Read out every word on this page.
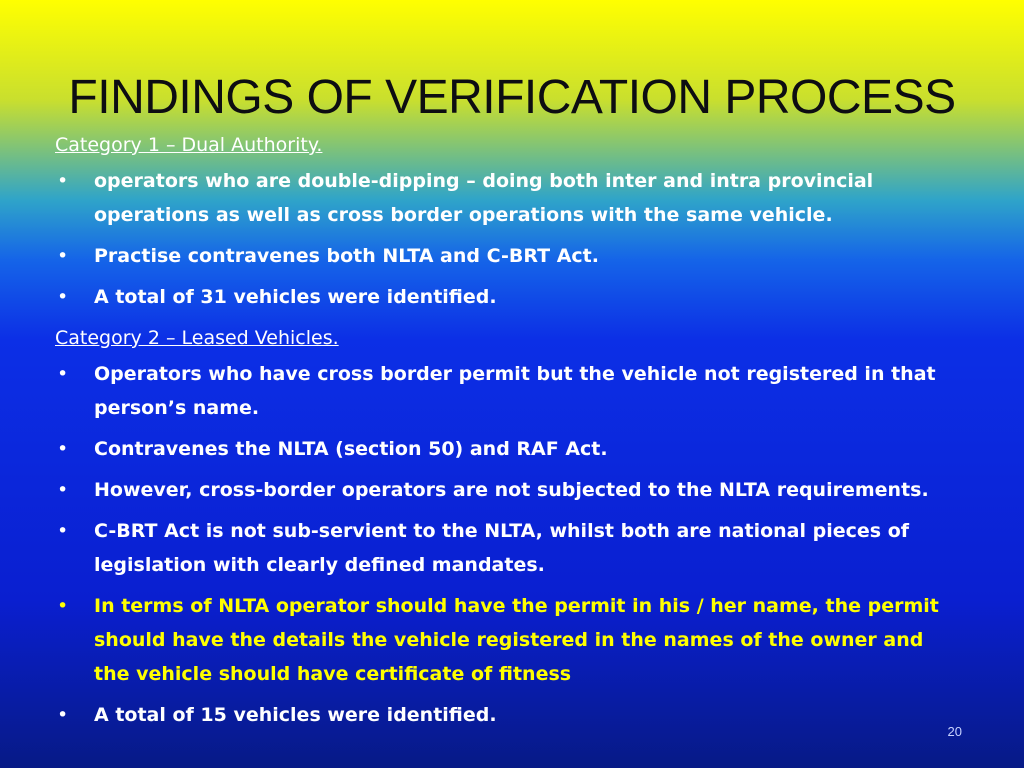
FINDINGS OF VERIFICATION PROCESS
Category 1 – Dual Authority.
• operators who are double-dipping – doing both inter and intra provincial operations as well as cross border operations with the same vehicle.
• Practise contravenes both NLTA and C-BRT Act.
• A total of 31 vehicles were identified.
Category 2 – Leased Vehicles.
• Operators who have cross border permit but the vehicle not registered in that person’s name.
• Contravenes the NLTA (section 50) and RAF Act.
• However, cross-border operators are not subjected to the NLTA requirements.
• C-BRT Act is not sub-servient to the NLTA, whilst both are national pieces of legislation with clearly defined mandates.
• In terms of NLTA operator should have the permit in his / her name, the permit should have the details the vehicle registered in the names of the owner and the vehicle should have certificate of fitness
• A total of 15 vehicles were identified.
20
